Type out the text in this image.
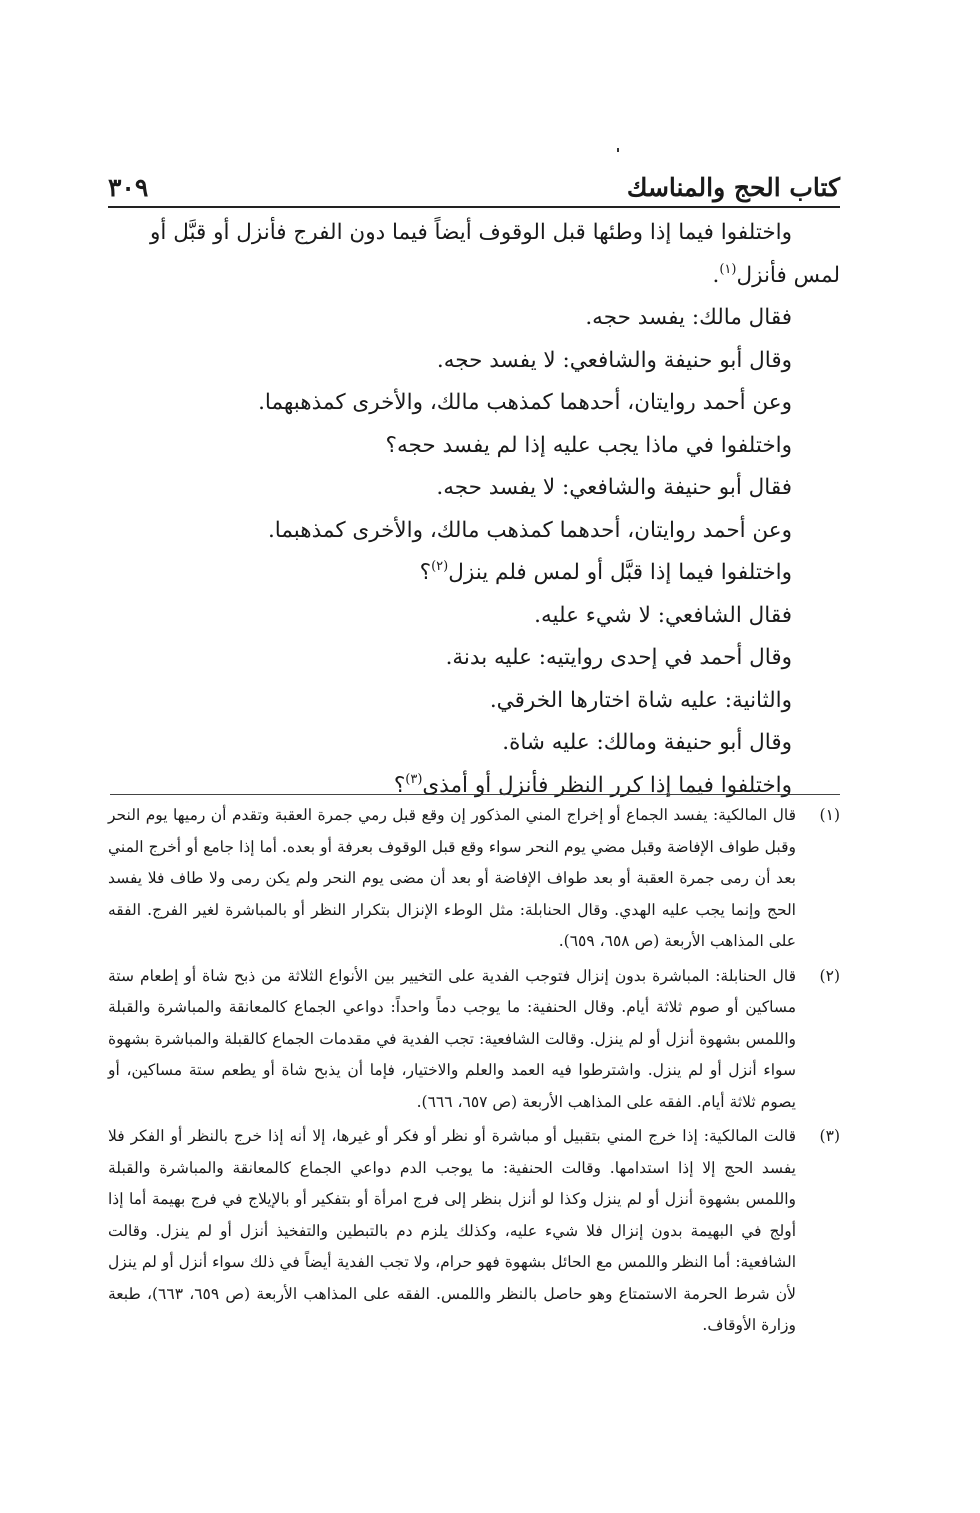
كتاب الحج والمناسك
٣٠٩

واختلفوا فيما إذا وطئها قبل الوقوف أيضاً فيما دون الفرج فأنزل أو قبَّل أو

لمس فأنزل$^{(١)}$.

فقال مالك: يفسد حجه.

وقال أبو حنيفة والشافعي: لا يفسد حجه.

وعن أحمد روايتان، أحدهما كمذهب مالك، والأخرى كمذهبهما.

واختلفوا في ماذا يجب عليه إذا لم يفسد حجه؟

فقال أبو حنيفة والشافعي: لا يفسد حجه.

وعن أحمد روايتان، أحدهما كمذهب مالك، والأخرى كمذهبما.

واختلفوا فيما إذا قبَّل أو لمس فلم ينزل$^{(٢)}$؟

فقال الشافعي: لا شيء عليه.

وقال أحمد في إحدى روايتيه: عليه بدنة.

والثانية: عليه شاة اختارها الخرقي.

وقال أبو حنيفة ومالك: عليه شاة.

واختلفوا فيما إذا كرر النظر فأنزل أو أمذى$^{(٣)}$؟

(١)
قال المالكية: يفسد الجماع أو إخراج المني المذكور إن وقع قبل رمي جمرة العقبة وتقدم أن رميها يوم النحر وقبل طواف الإفاضة وقبل مضي يوم النحر سواء وقع قبل الوقوف بعرفة أو بعده. أما إذا جامع أو أخرج المني بعد أن رمى جمرة العقبة أو بعد طواف الإفاضة أو بعد أن مضى يوم النحر ولم يكن رمى ولا طاف فلا يفسد الحج وإنما يجب عليه الهدي. وقال الحنابلة: مثل الوطء الإنزال بتكرار النظر أو بالمباشرة لغير الفرج. الفقه على المذاهب الأربعة (ص ٦٥٨، ٦٥٩).
(٢)
قال الحنابلة: المباشرة بدون إنزال فتوجب الفدية على التخيير بين الأنواع الثلاثة من ذبح شاة أو إطعام ستة مساكين أو صوم ثلاثة أيام. وقال الحنفية: ما يوجب دماً واحداً: دواعي الجماع كالمعانقة والمباشرة والقبلة واللمس بشهوة أنزل أو لم ينزل. وقالت الشافعية: تجب الفدية في مقدمات الجماع كالقبلة والمباشرة بشهوة سواء أنزل أو لم ينزل. واشترطوا فيه العمد والعلم والاختيار، فإما أن يذبح شاة أو يطعم ستة مساكين، أو يصوم ثلاثة أيام. الفقه على المذاهب الأربعة (ص ٦٥٧، ٦٦٦).
(٣)
قالت المالكية: إذا خرج المني بتقبيل أو مباشرة أو نظر أو فكر أو غيرها، إلا أنه إذا خرج بالنظر أو الفكر فلا يفسد الحج إلا إذا استدامها. وقالت الحنفية: ما يوجب الدم دواعي الجماع كالمعانقة والمباشرة والقبلة واللمس بشهوة أنزل أو لم ينزل وكذا لو أنزل بنظر إلى فرج امرأة أو بتفكير أو بالإيلاج في فرج بهيمة أما إذا أولج في البهيمة بدون إنزال فلا شيء عليه، وكذلك يلزم دم بالتبطين والتفخيذ أنزل أو لم ينزل. وقالت الشافعية: أما النظر واللمس مع الحائل بشهوة فهو حرام، ولا تجب الفدية أيضاً في ذلك سواء أنزل أو لم ينزل لأن شرط الحرمة الاستمتاع وهو حاصل بالنظر واللمس. الفقه على المذاهب الأربعة (ص ٦٥٩، ٦٦٣)، طبعة وزارة الأوقاف.
